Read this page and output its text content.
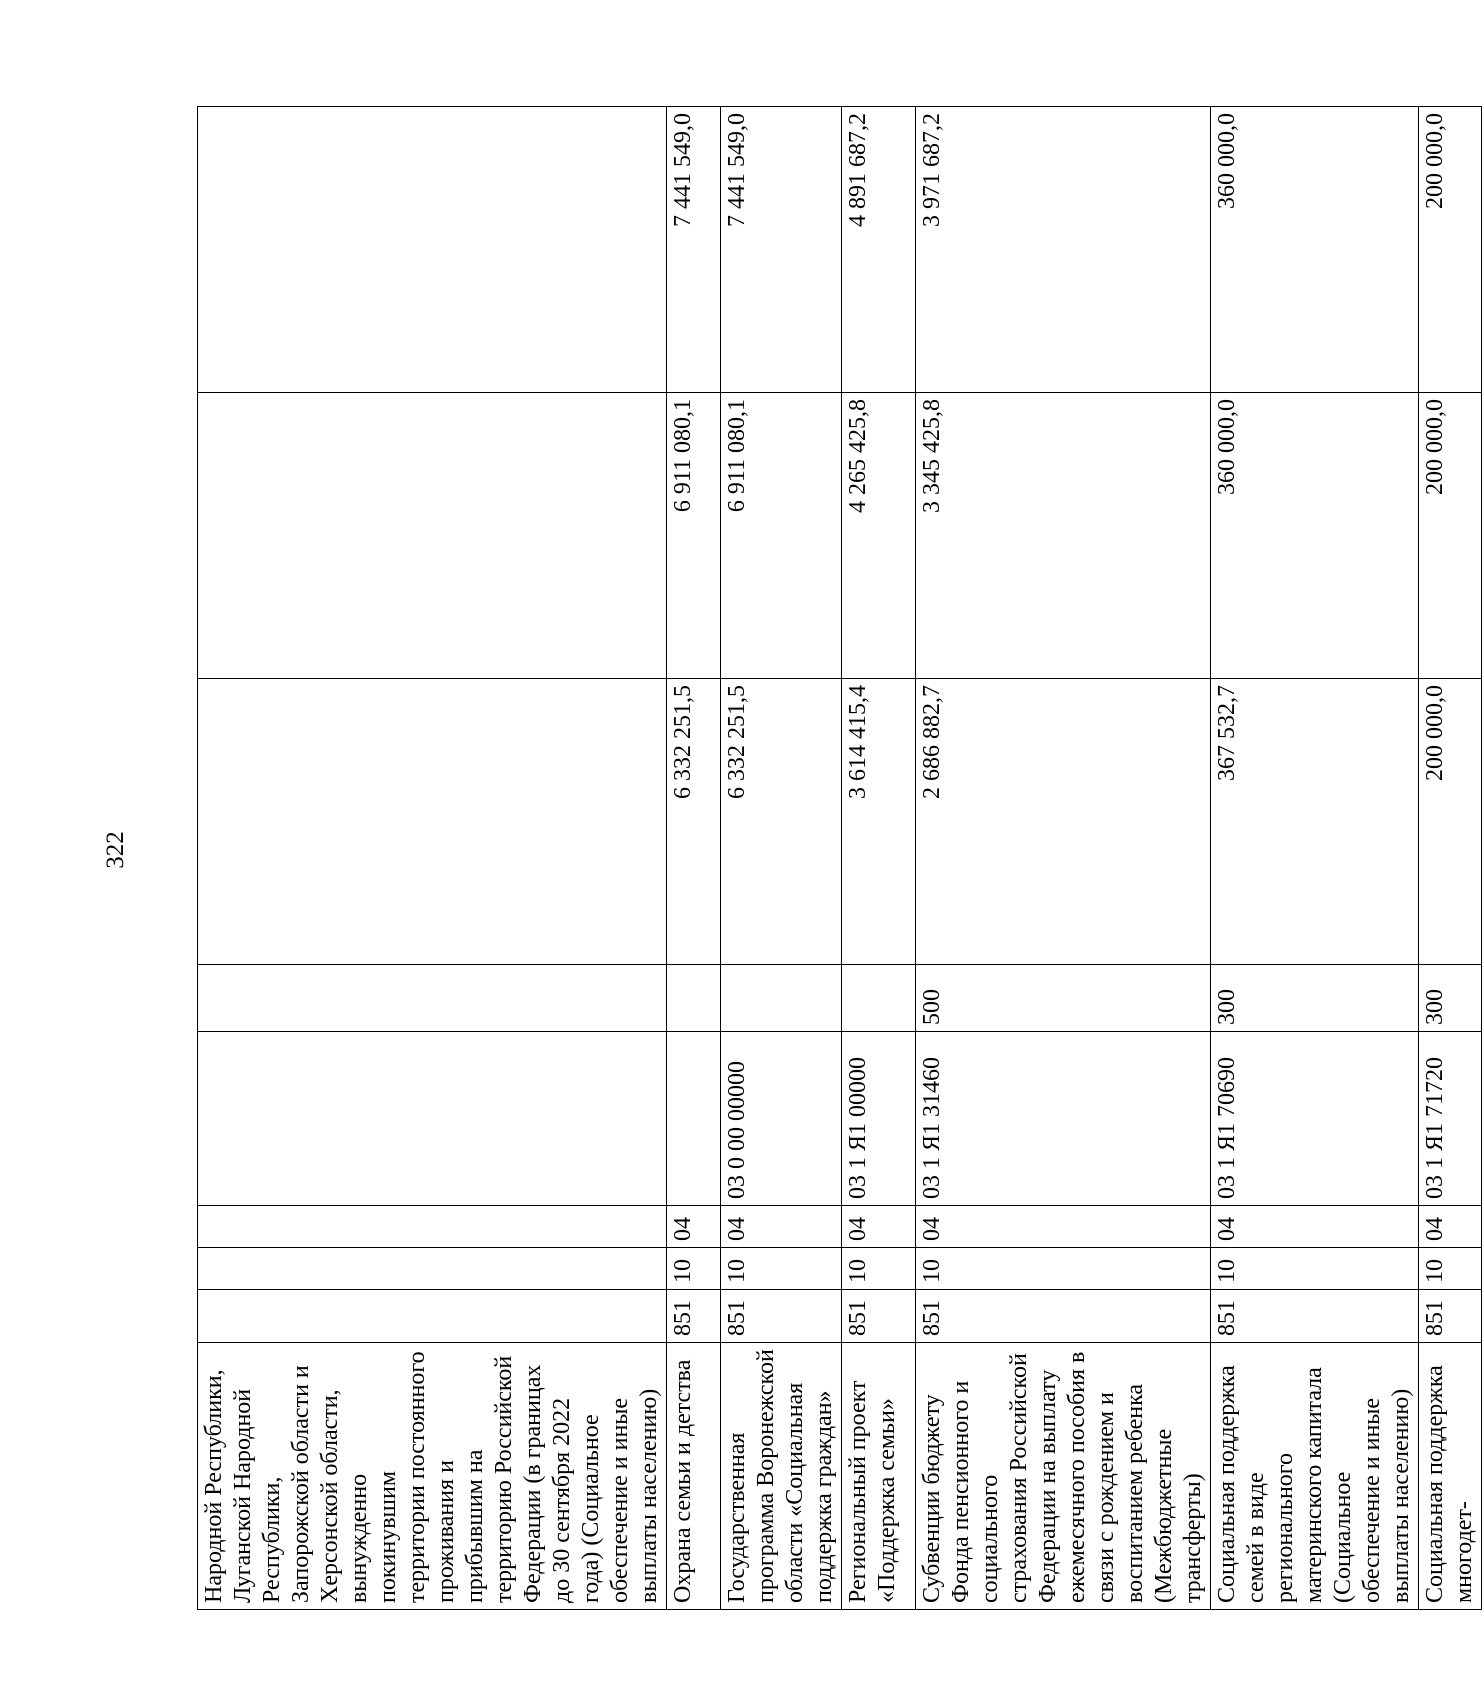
322
Народной Республики, Луганской Народной Республики, Запорожской области и Херсонской области, вынужденно покинувшим территории постоянного проживания и прибывшим на территорию Российской Федерации (в границах до 30 сентября 2022 года) (Социальное обеспечение и иные выплаты населению)								
Охрана семьи и детства	851	10	04			6 332 251,5	6 911 080,1	7 441 549,0
Государственная программа Воронежской области «Социальная поддержка граждан»	851	10	04	03 0 00 00000		6 332 251,5	6 911 080,1	7 441 549,0
Региональный проект «Поддержка семьи»	851	10	04	03 1 Я1 00000		3 614 415,4	4 265 425,8	4 891 687,2
Субвенции бюджету Фонда пенсионного и социального страхования Российской Федерации на выплату ежемесячного пособия в связи с рождением и воспитанием ребенка (Межбюджетные трансферты)	851	10	04	03 1 Я1 31460	500	2 686 882,7	3 345 425,8	3 971 687,2
Социальная поддержка семей в виде регионального материнского капитала (Социальное обеспечение и иные выплаты населению)	851	10	04	03 1 Я1 70690	300	367 532,7	360 000,0	360 000,0
Социальная поддержка многодет-	851	10	04	03 1 Я1 71720	300	200 000,0	200 000,0	200 000,0
